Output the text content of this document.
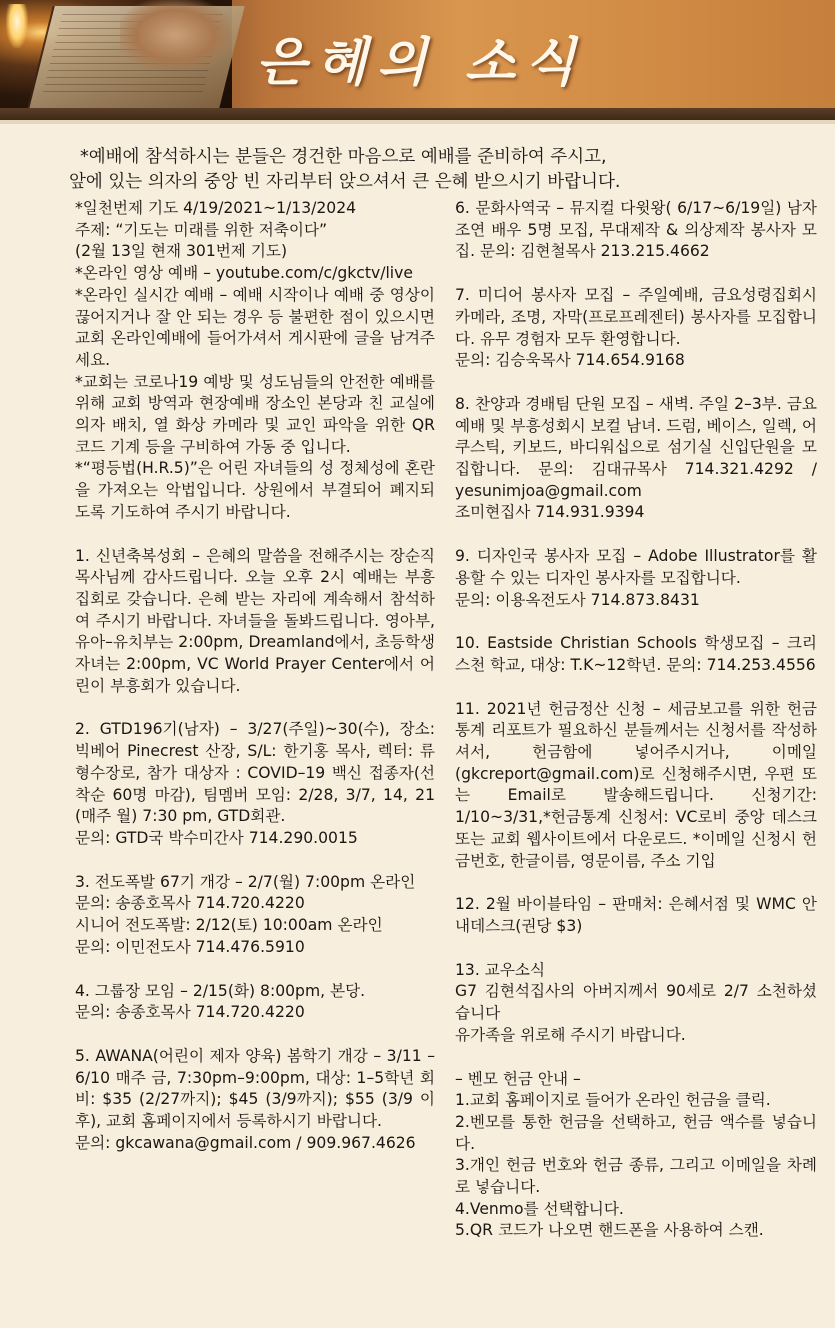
은혜의 소식

*예배에 참석하시는 분들은 경건한 마음으로 예배를 준비하여 주시고,

앞에 있는 의자의 중앙 빈 자리부터 앉으셔서 큰 은혜 받으시기 바랍니다.

*일천번제 기도 4/19/2021~1/13/2024

주제: “기도는 미래를 위한 저축이다”

(2월 13일 현재 301번제 기도)

*온라인 영상 예배 – youtube.com/c/gkctv/live

*온라인 실시간 예배 – 예배 시작이나 예배 중 영상이 끊어지거나 잘 안 되는 경우 등 불편한 점이 있으시면 교회 온라인예배에 들어가셔서 게시판에 글을 남겨주세요.

*교회는 코로나19 예방 및 성도님들의 안전한 예배를 위해 교회 방역과 현장예배 장소인 본당과 친 교실에 의자 배치, 열 화상 카메라 및 교인 파악을 위한 QR 코드 기계 등을 구비하여 가동 중 입니다.

*“평등법(H.R.5)”은 어린 자녀들의 성 정체성에 혼란을 가져오는 악법입니다. 상원에서 부결되어 폐지되도록 기도하여 주시기 바랍니다.

1. 신년축복성회 – 은혜의 말씀을 전해주시는 장순직 목사님께 감사드립니다. 오늘 오후 2시 예배는 부흥집회로 갖습니다. 은혜 받는 자리에 계속해서 참석하여 주시기 바랍니다. 자녀들을 돌봐드립니다. 영아부, 유아–유치부는 2:00pm, Dreamland에서, 초등학생 자녀는 2:00pm, VC World Prayer Center에서 어린이 부흥회가 있습니다.

2. GTD196기(남자) – 3/27(주일)~30(수), 장소: 빅베어 Pinecrest 산장, S/L: 한기홍 목사, 렉터: 류형수장로, 참가 대상자 : COVID–19 백신 접종자(선착순 60명 마감), 팀멤버 모임: 2/28, 3/7, 14, 21 (매주 월) 7:30 pm, GTD회관.

문의: GTD국 박수미간사 714.290.0015

3. 전도폭발 67기 개강 – 2/7(월) 7:00pm 온라인

문의: 송종호목사 714.720.4220

시니어 전도폭발: 2/12(토) 10:00am 온라인

문의: 이민전도사 714.476.5910

4. 그룹장 모임 – 2/15(화) 8:00pm, 본당.

문의: 송종호목사 714.720.4220

5. AWANA(어린이 제자 양육) 봄학기 개강 – 3/11 – 6/10 매주 금, 7:30pm–9:00pm, 대상: 1–5학년 회비: $35 (2/27까지); $45 (3/9까지); $55 (3/9 이후), 교회 홈페이지에서 등록하시기 바랍니다.

문의: gkcawana@gmail.com / 909.967.4626

6. 문화사역국 – 뮤지컬 다윗왕( 6/17~6/19일) 남자 조연 배우 5명 모집, 무대제작 & 의상제작 봉사자 모집. 문의: 김현철목사 213.215.4662

7. 미디어 봉사자 모집 – 주일예배, 금요성령집회시 카메라, 조명, 자막(프로프레젠터) 봉사자를 모집합니다. 유무 경험자 모두 환영합니다.

문의: 김승욱목사 714.654.9168

8. 찬양과 경배팀 단원 모집 – 새벽. 주일 2–3부. 금요예배 및 부흥성회시 보컬 남녀. 드럼, 베이스, 일렉, 어쿠스틱, 키보드, 바디워십으로 섬기실 신입단원을 모집합니다. 문의: 김대규목사 714.321.4292 / yesunimjoa@gmail.com

조미현집사 714.931.9394

9. 디자인국 봉사자 모집 – Adobe Illustrator를 활용할 수 있는 디자인 봉사자를 모집합니다.

문의: 이용옥전도사 714.873.8431

10. Eastside Christian Schools 학생모집 – 크리스천 학교, 대상: T.K~12학년. 문의: 714.253.4556

11. 2021년 헌금정산 신청 – 세금보고를 위한 헌금통계 리포트가 필요하신 분들께서는 신청서를 작성하셔서, 헌금함에 넣어주시거나, 이메일(gkcreport@gmail.com)로 신청해주시면, 우편 또는 Email로 발송해드립니다. 신청기간: 1/10~3/31,*헌금통계 신청서: VC로비 중앙 데스크 또는 교회 웹사이트에서 다운로드. *이메일 신청시 헌금번호, 한글이름, 영문이름, 주소 기입

12. 2월 바이블타임 – 판매처: 은혜서점 및 WMC 안내데스크(권당 $3)

13. 교우소식

G7 김현석집사의 아버지께서 90세로 2/7 소천하셨습니다

유가족을 위로해 주시기 바랍니다.

– 벤모 헌금 안내 –

1.교회 홈페이지로 들어가 온라인 헌금을 클릭.

2.벤모를 통한 헌금을 선택하고, 헌금 액수를 넣습니다.

3.개인 헌금 번호와 헌금 종류, 그리고 이메일을 차례로 넣습니다.

4.Venmo를 선택합니다.

5.QR 코드가 나오면 핸드폰을 사용하여 스캔.
